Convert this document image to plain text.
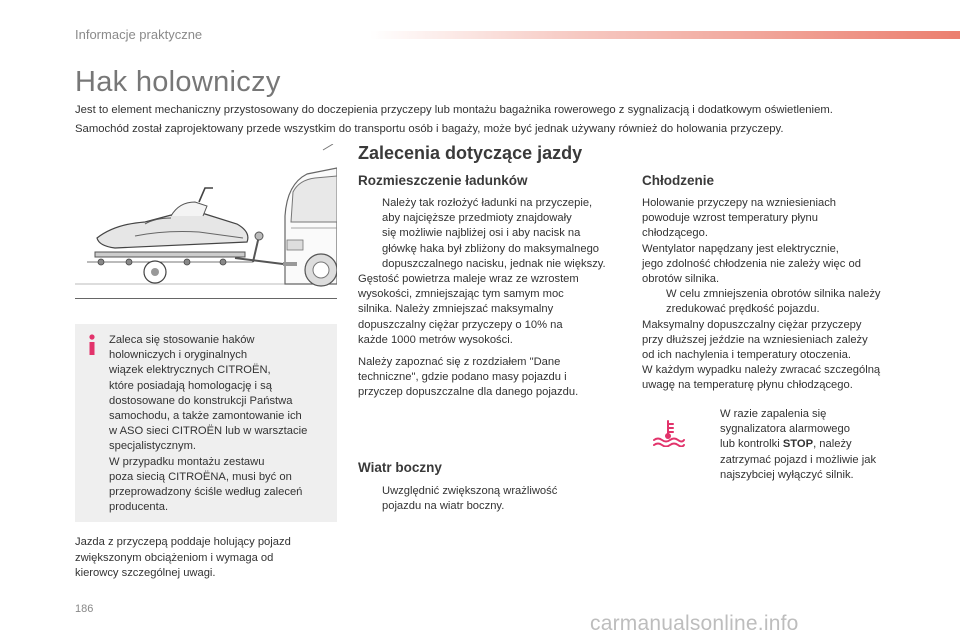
Informacje praktyczne
Hak holowniczy
Jest to element mechaniczny przystosowany do doczepienia przyczepy lub montażu bagażnika rowerowego z sygnalizacją i dodatkowym oświetleniem.
Samochód został zaprojektowany przede wszystkim do transportu osób i bagaży, może być jednak używany również do holowania przyczepy.
Zaleca się stosowanie haków
holowniczych i oryginalnych
wiązek elektrycznych CITROËN,
które posiadają homologację i są
dostosowane do konstrukcji Państwa
samochodu, a także zamontowanie ich
w ASO sieci CITROËN lub w warsztacie
specjalistycznym.
W przypadku montażu zestawu
poza siecią CITROËNA, musi być on
przeprowadzony ściśle według zaleceń
producenta.
Jazda z przyczepą poddaje holujący pojazd
zwiększonym obciążeniom i wymaga od
kierowcy szczególnej uwagi.
Zalecenia dotyczące jazdy
Rozmieszczenie ładunków
Należy tak rozłożyć ładunki na przyczepie,
aby najcięższe przedmioty znajdowały
się możliwie najbliżej osi i aby nacisk na
główkę haka był zbliżony do maksymalnego
dopuszczalnego nacisku, jednak nie większy.
Gęstość powietrza maleje wraz ze wzrostem
wysokości, zmniejszając tym samym moc
silnika. Należy zmniejszać maksymalny
dopuszczalny ciężar przyczepy o 10% na
każde 1000 metrów wysokości.
Należy zapoznać się z rozdziałem "Dane
techniczne", gdzie podano masy pojazdu i
przyczep dopuszczalne dla danego pojazdu.
Wiatr boczny
Uwzględnić zwiększoną wrażliwość
pojazdu na wiatr boczny.
Chłodzenie
Holowanie przyczepy na wzniesieniach
powoduje wzrost temperatury płynu
chłodzącego.
Wentylator napędzany jest elektrycznie,
jego zdolność chłodzenia nie zależy więc od
obrotów silnika.
W celu zmniejszenia obrotów silnika należy
zredukować prędkość pojazdu.
Maksymalny dopuszczalny ciężar przyczepy
przy dłuższej jeździe na wzniesieniach zależy
od ich nachylenia i temperatury otoczenia.
W każdym wypadku należy zwracać szczególną
uwagę na temperaturę płynu chłodzącego.
W razie zapalenia się
sygnalizatora alarmowego
lub kontrolki STOP, należy
zatrzymać pojazd i możliwie jak
najszybciej wyłączyć silnik.
186
carmanualsonline.info
